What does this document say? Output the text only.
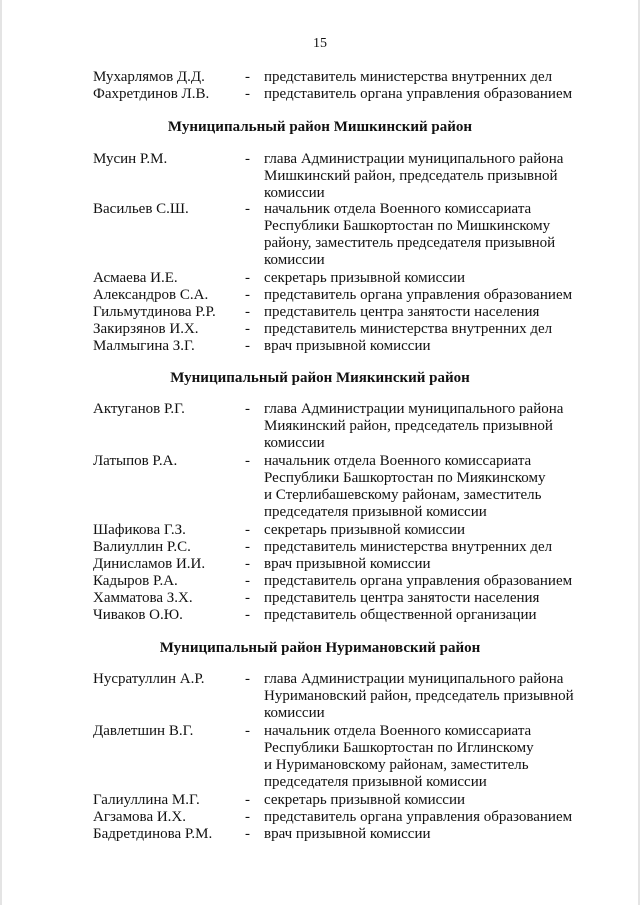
15
Мухарлямов Д.Д.	- представитель министерства внутренних дел
Фахретдинов Л.В. - представитель органа управления образованием
Муниципальный район Мишкинский район
Мусин Р.М.	- глава Администрации муниципального района
Мишкинский район, председатель призывной
комиссии
Васильев С.Ш.	- начальник отдела Военного комиссариата
Республики Башкортостан по Мишкинскому
району, заместитель председателя призывной
комиссии
Асмаева И.Е.	- секретарь призывной комиссии
Александров С.А. - представитель органа управления образованием
Гильмутдинова Р.Р. - представитель центра занятости населения
Закирзянов И.Х.	- представитель министерства внутренних дел
Малмыгина З.Г.	- врач призывной комиссии
Муниципальный район Миякинский район
Актуганов Р.Г.	- глава Администрации муниципального района
Миякинский район, председатель призывной
комиссии
Латыпов Р.А.	- начальник отдела Военного комиссариата
Республики Башкортостан по Миякинскому
и Стерлибашевскому районам, заместитель
председателя призывной комиссии
Шафикова Г.З.	- секретарь призывной комиссии
Валиуллин Р.С.	- представитель министерства внутренних дел
Динисламов И.И.	- врач призывной комиссии
Кадыров Р.А.	- представитель органа управления образованием
Хамматова З.Х.	- представитель центра занятости населения
Чиваков О.Ю.	- представитель общественной организации
Муниципальный район Нуримановский район
Нусратуллин А.Р.	- глава Администрации муниципального района
Нуримановский район, председатель призывной
комиссии
Давлетшин В.Г.	- начальник отдела Военного комиссариата
Республики Башкортостан по Иглинскому
и Нуримановскому районам, заместитель
председателя призывной комиссии
Галиуллина М.Г.	- секретарь призывной комиссии
Агзамова И.Х.	- представитель органа управления образованием
Бадретдинова Р.М. - врач призывной комиссии
